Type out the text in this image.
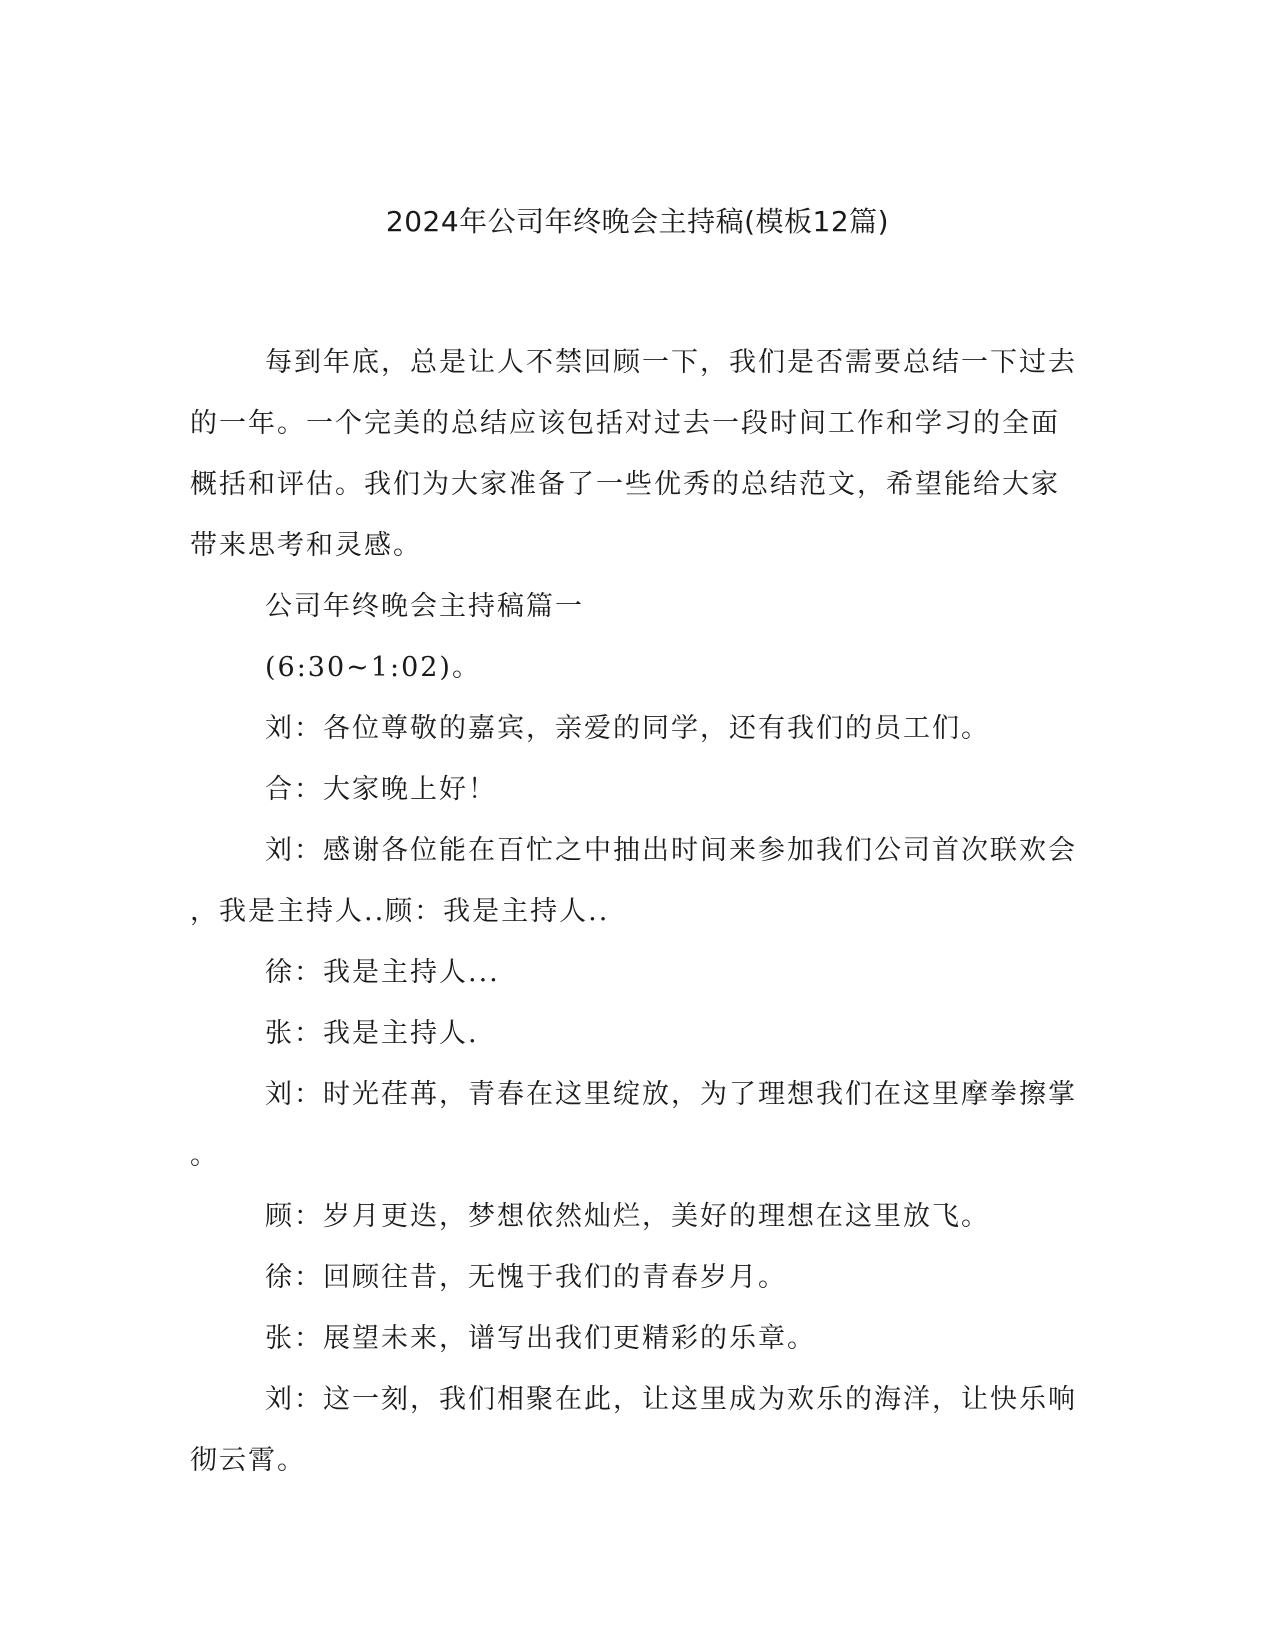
2024年公司年终晚会主持稿(模板12篇)
每到年底，总是让人不禁回顾一下，我们是否需要总结一下过去
的一年。一个完美的总结应该包括对过去一段时间工作和学习的全面
概括和评估。我们为大家准备了一些优秀的总结范文，希望能给大家
带来思考和灵感。
公司年终晚会主持稿篇一
(6:30~1:02)。
刘：各位尊敬的嘉宾，亲爱的同学，还有我们的员工们。
合：大家晚上好！
刘：感谢各位能在百忙之中抽出时间来参加我们公司首次联欢会
，我是主持人..顾：我是主持人..
徐：我是主持人...
张：我是主持人.
刘：时光荏苒，青春在这里绽放，为了理想我们在这里摩拳擦掌
。
顾：岁月更迭，梦想依然灿烂，美好的理想在这里放飞。
徐：回顾往昔，无愧于我们的青春岁月。
张：展望未来，谱写出我们更精彩的乐章。
刘：这一刻，我们相聚在此，让这里成为欢乐的海洋，让快乐响
彻云霄。
